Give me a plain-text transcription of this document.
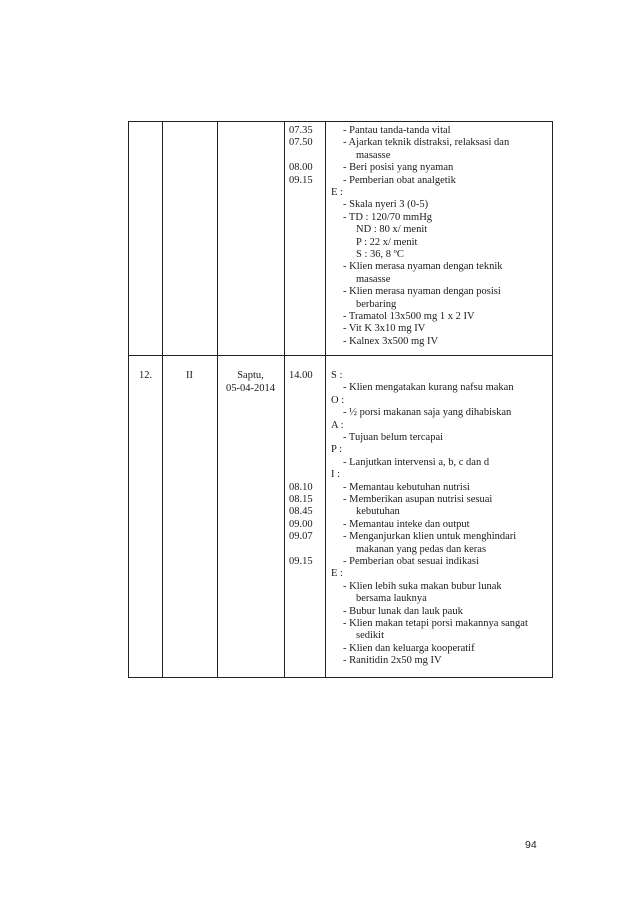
07.35
07.50
08.00
09.15
- Pantau tanda-tanda vital
- Ajarkan teknik distraksi, relaksasi dan
masasse
- Beri posisi yang nyaman
- Pemberian obat analgetik
E :
- Skala nyeri 3 (0-5)
- TD : 120/70 mmHg
ND : 80 x/ menit
P : 22 x/ menit
S : 36, 8 ºC
- Klien merasa nyaman dengan teknik
masasse
- Klien merasa nyaman dengan posisi
berbaring
- Tramatol 13x500 mg 1 x 2 IV
- Vit K 3x10 mg IV
- Kalnex 3x500 mg IV
12.	II	Saptu,
05-04-2014
14.00
08.10
08.15
08.45
09.00
09.07
09.15
S :
- Klien mengatakan kurang nafsu makan
O :
- ½ porsi makanan saja yang dihabiskan
A :
- Tujuan belum tercapai
P :
- Lanjutkan intervensi a, b, c dan d
I :
- Memantau kebutuhan nutrisi
- Memberikan asupan nutrisi sesuai
kebutuhan
- Memantau inteke dan output
- Menganjurkan klien untuk menghindari
makanan yang pedas dan keras
- Pemberian obat sesuai indikasi
E :
- Klien lebih suka makan bubur lunak
bersama lauknya
- Bubur lunak dan lauk pauk
- Klien makan tetapi porsi makannya sangat
sedikit
- Klien dan keluarga kooperatif
- Ranitidin 2x50 mg IV
94
